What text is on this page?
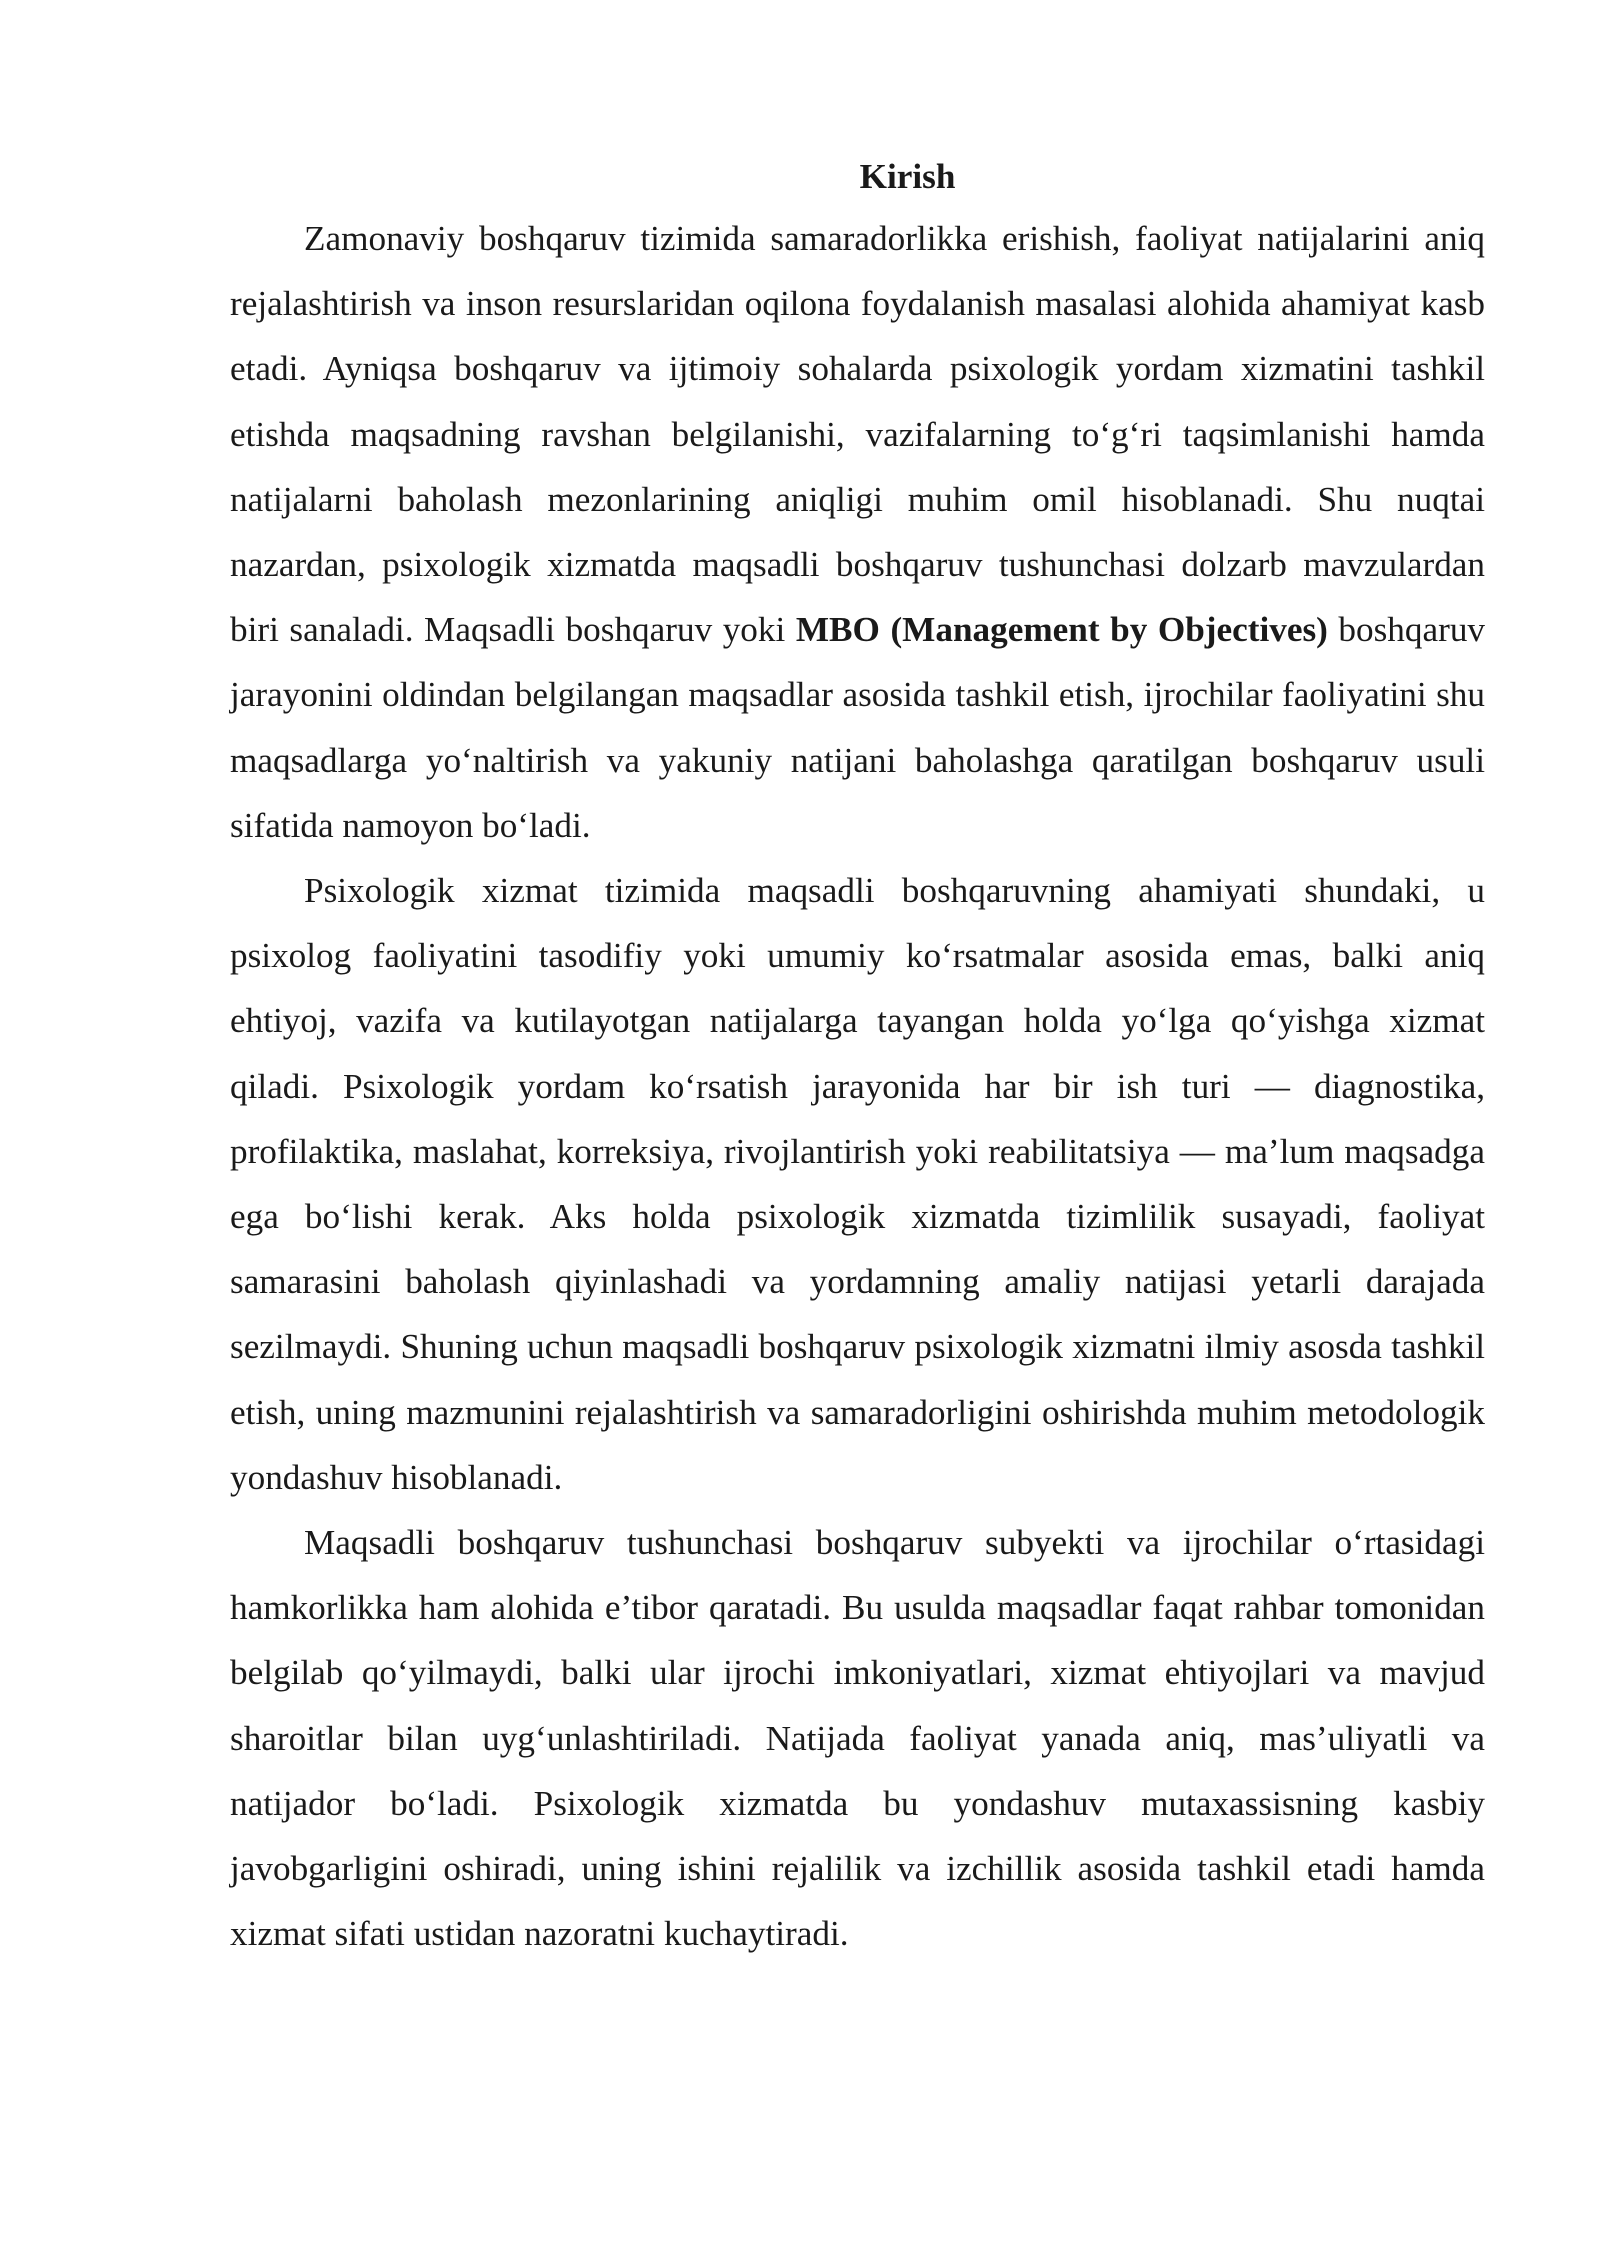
Kirish

Zamonaviy boshqaruv tizimida samaradorlikka erishish, faoliyat natijalarini aniq rejalashtirish va inson resurslaridan oqilona foydalanish masalasi alohida ahamiyat kasb etadi. Ayniqsa boshqaruv va ijtimoiy sohalarda psixologik yordam xizmatini tashkil etishda maqsadning ravshan belgilanishi, vazifalarning to‘g‘ri taqsimlanishi hamda natijalarni baholash mezonlarining aniqligi muhim omil hisoblanadi. Shu nuqtai nazardan, psixologik xizmatda maqsadli boshqaruv tushunchasi dolzarb mavzulardan biri sanaladi. Maqsadli boshqaruv yoki MBO (Management by Objectives) boshqaruv jarayonini oldindan belgilangan maqsadlar asosida tashkil etish, ijrochilar faoliyatini shu maqsadlarga yo‘naltirish va yakuniy natijani baholashga qaratilgan boshqaruv usuli sifatida namoyon bo‘ladi.

Psixologik xizmat tizimida maqsadli boshqaruvning ahamiyati shundaki, u psixolog faoliyatini tasodifiy yoki umumiy ko‘rsatmalar asosida emas, balki aniq ehtiyoj, vazifa va kutilayotgan natijalarga tayangan holda yo‘lga qo‘yishga xizmat qiladi. Psixologik yordam ko‘rsatish jarayonida har bir ish turi — diagnostika, profilaktika, maslahat, korreksiya, rivojlantirish yoki reabilitatsiya — ma’lum maqsadga ega bo‘lishi kerak. Aks holda psixologik xizmatda tizimlilik susayadi, faoliyat samarasini baholash qiyinlashadi va yordamning amaliy natijasi yetarli darajada sezilmaydi. Shuning uchun maqsadli boshqaruv psixologik xizmatni ilmiy asosda tashkil etish, uning mazmunini rejalashtirish va samaradorligini oshirishda muhim metodologik yondashuv hisoblanadi.

Maqsadli boshqaruv tushunchasi boshqaruv subyekti va ijrochilar o‘rtasidagi hamkorlikka ham alohida e’tibor qaratadi. Bu usulda maqsadlar faqat rahbar tomonidan belgilab qo‘yilmaydi, balki ular ijrochi imkoniyatlari, xizmat ehtiyojlari va mavjud sharoitlar bilan uyg‘unlashtiriladi. Natijada faoliyat yanada aniq, mas’uliyatli va natijador bo‘ladi. Psixologik xizmatda bu yondashuv mutaxassisning kasbiy javobgarligini oshiradi, uning ishini rejalilik va izchillik asosida tashkil etadi hamda xizmat sifati ustidan nazoratni kuchaytiradi.
